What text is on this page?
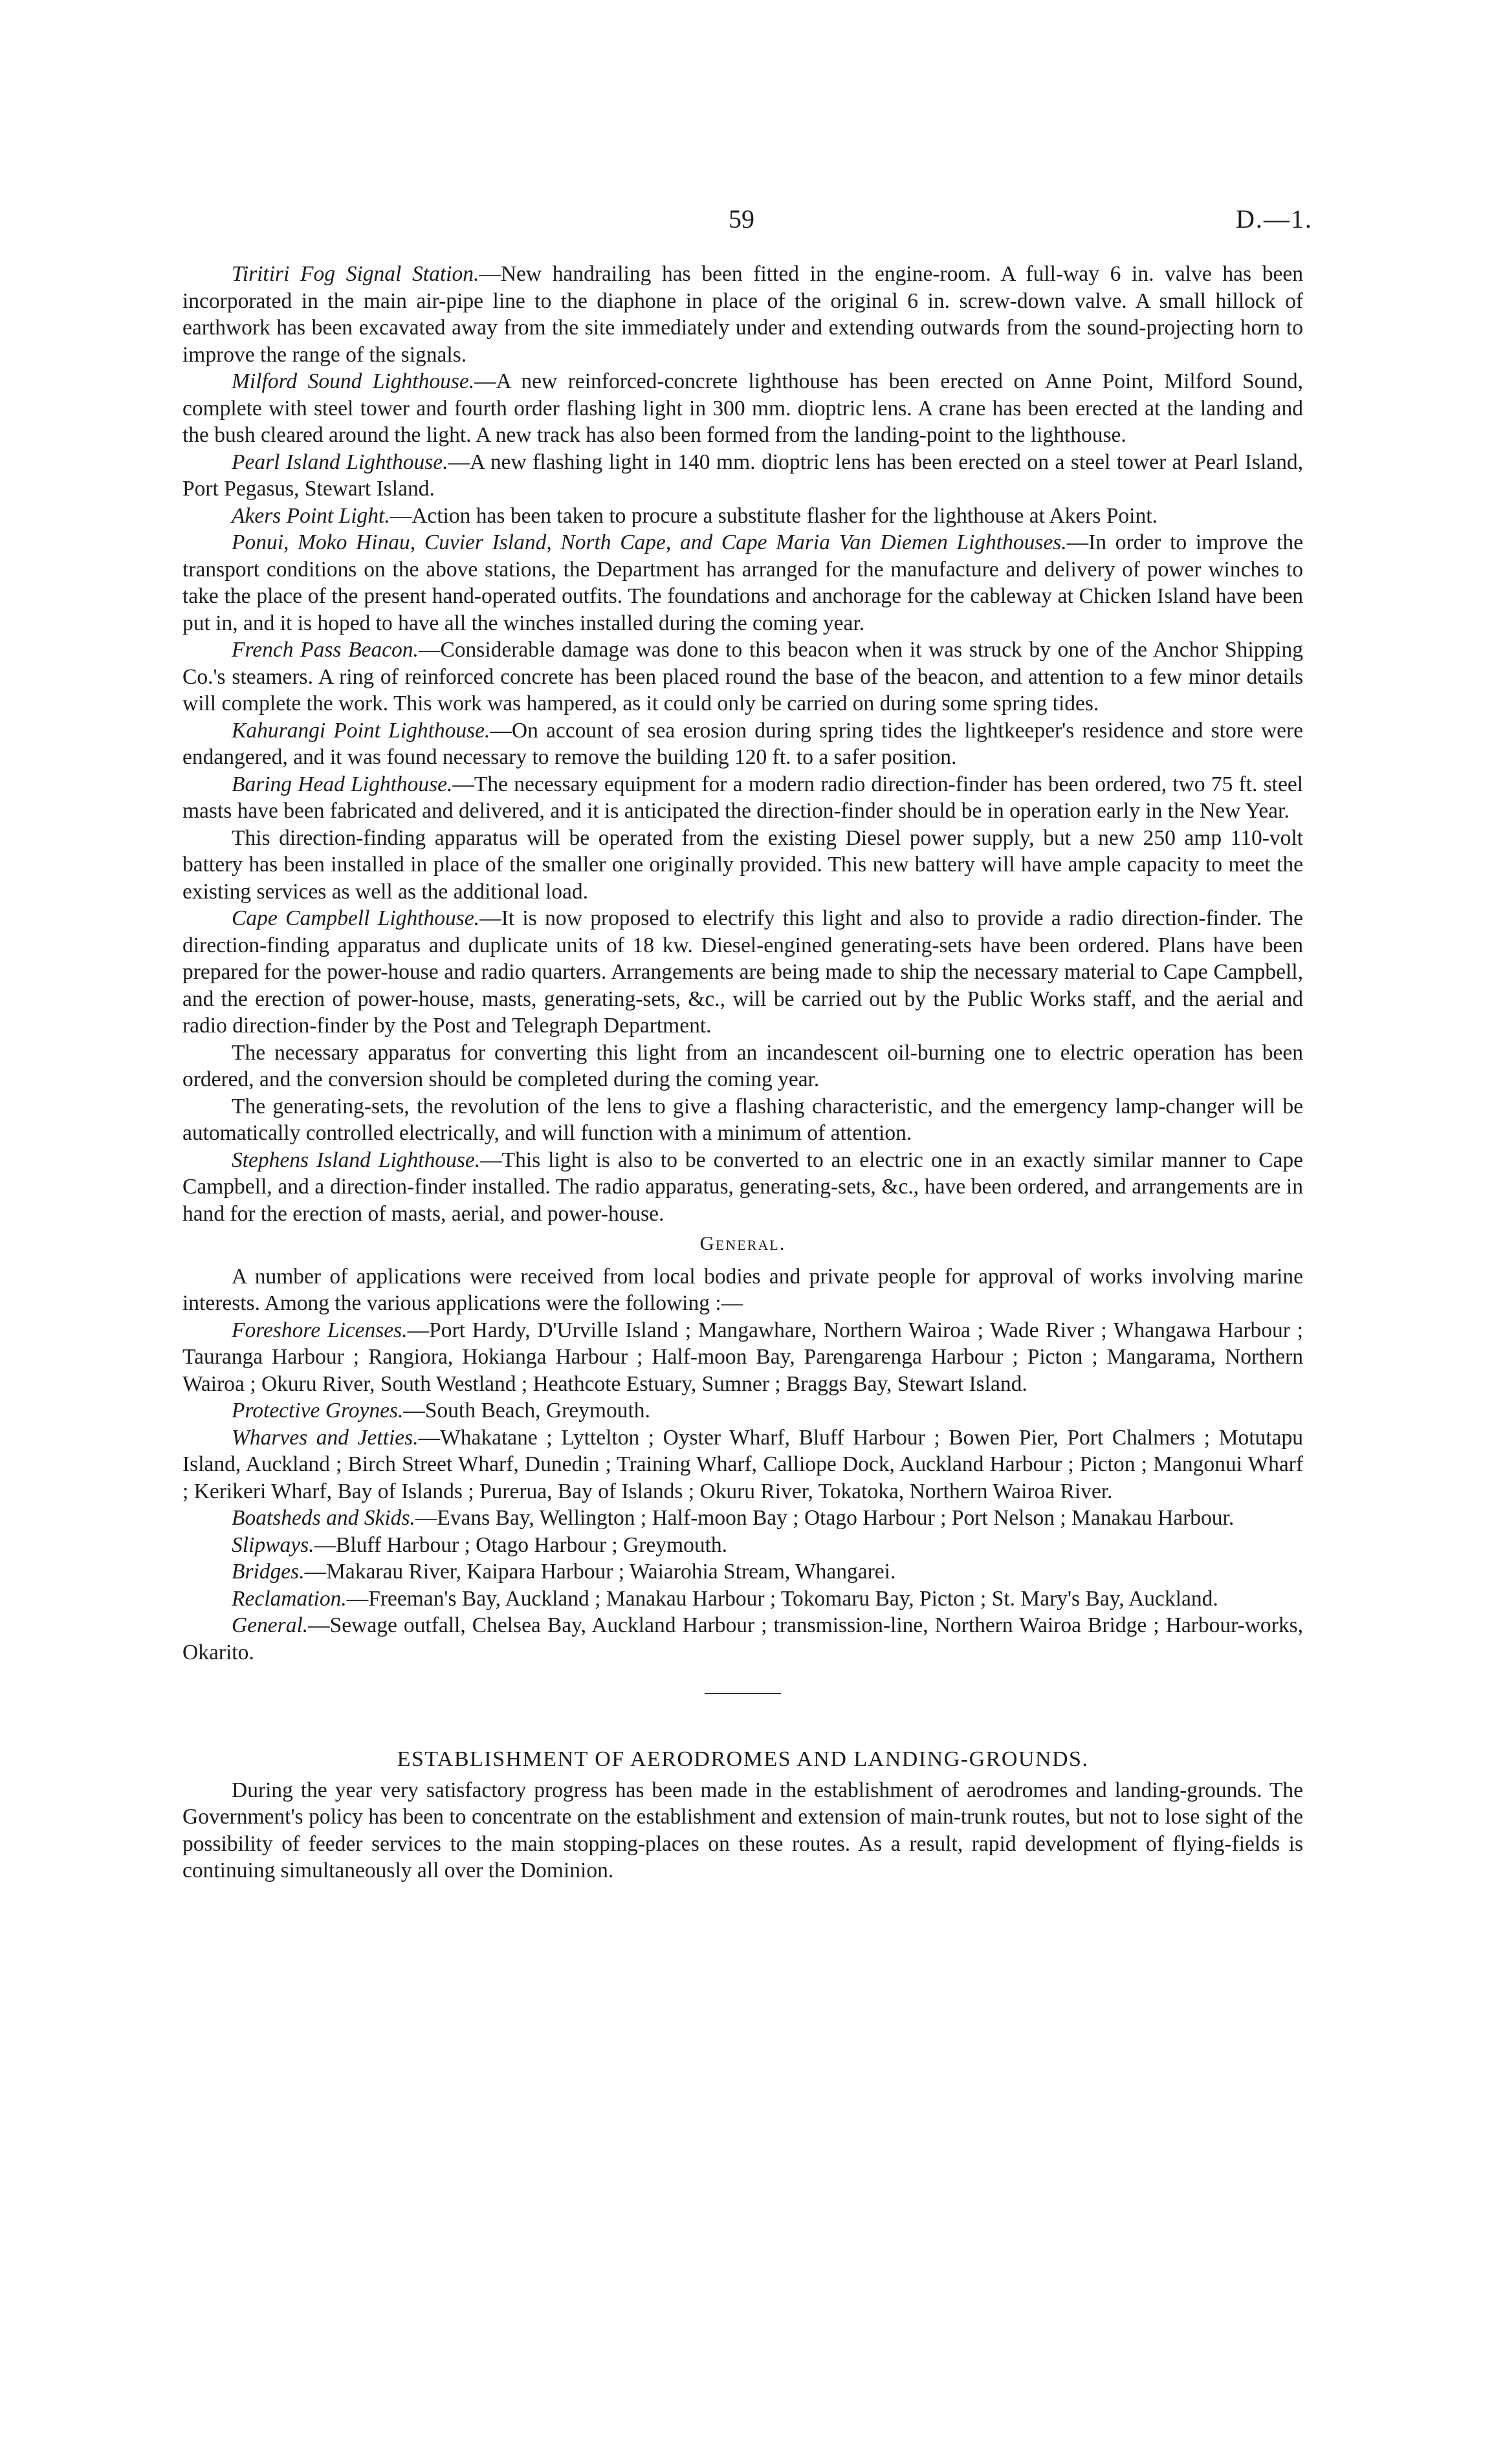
59	D.—1.

Tiritiri Fog Signal Station.—New handrailing has been fitted in the engine-room. A full-way 6 in. valve has been incorporated in the main air-pipe line to the diaphone in place of the original 6 in. screw-down valve. A small hillock of earthwork has been excavated away from the site immediately under and extending outwards from the sound-projecting horn to improve the range of the signals.

Milford Sound Lighthouse.—A new reinforced-concrete lighthouse has been erected on Anne Point, Milford Sound, complete with steel tower and fourth order flashing light in 300 mm. dioptric lens. A crane has been erected at the landing and the bush cleared around the light. A new track has also been formed from the landing-point to the lighthouse.

Pearl Island Lighthouse.—A new flashing light in 140 mm. dioptric lens has been erected on a steel tower at Pearl Island, Port Pegasus, Stewart Island.

Akers Point Light.—Action has been taken to procure a substitute flasher for the lighthouse at Akers Point.

Ponui, Moko Hinau, Cuvier Island, North Cape, and Cape Maria Van Diemen Lighthouses.—In order to improve the transport conditions on the above stations, the Department has arranged for the manufacture and delivery of power winches to take the place of the present hand-operated outfits. The foundations and anchorage for the cableway at Chicken Island have been put in, and it is hoped to have all the winches installed during the coming year.

French Pass Beacon.—Considerable damage was done to this beacon when it was struck by one of the Anchor Shipping Co.'s steamers. A ring of reinforced concrete has been placed round the base of the beacon, and attention to a few minor details will complete the work. This work was hampered, as it could only be carried on during some spring tides.

Kahurangi Point Lighthouse.—On account of sea erosion during spring tides the lightkeeper's residence and store were endangered, and it was found necessary to remove the building 120 ft. to a safer position.

Baring Head Lighthouse.—The necessary equipment for a modern radio direction-finder has been ordered, two 75 ft. steel masts have been fabricated and delivered, and it is anticipated the direction-finder should be in operation early in the New Year.

This direction-finding apparatus will be operated from the existing Diesel power supply, but a new 250 amp 110-volt battery has been installed in place of the smaller one originally provided. This new battery will have ample capacity to meet the existing services as well as the additional load.

Cape Campbell Lighthouse.—It is now proposed to electrify this light and also to provide a radio direction-finder. The direction-finding apparatus and duplicate units of 18 kw. Diesel-engined generating-sets have been ordered. Plans have been prepared for the power-house and radio quarters. Arrangements are being made to ship the necessary material to Cape Campbell, and the erection of power-house, masts, generating-sets, &c., will be carried out by the Public Works staff, and the aerial and radio direction-finder by the Post and Telegraph Department.

The necessary apparatus for converting this light from an incandescent oil-burning one to electric operation has been ordered, and the conversion should be completed during the coming year.

The generating-sets, the revolution of the lens to give a flashing characteristic, and the emergency lamp-changer will be automatically controlled electrically, and will function with a minimum of attention.

Stephens Island Lighthouse.—This light is also to be converted to an electric one in an exactly similar manner to Cape Campbell, and a direction-finder installed. The radio apparatus, generating-sets, &c., have been ordered, and arrangements are in hand for the erection of masts, aerial, and power-house.

General.

A number of applications were received from local bodies and private people for approval of works involving marine interests. Among the various applications were the following :—

Foreshore Licenses.—Port Hardy, D'Urville Island ; Mangawhare, Northern Wairoa ; Wade River ; Whangawa Harbour ; Tauranga Harbour ; Rangiora, Hokianga Harbour ; Half-moon Bay, Parengarenga Harbour ; Picton ; Mangarama, Northern Wairoa ; Okuru River, South Westland ; Heathcote Estuary, Sumner ; Braggs Bay, Stewart Island.

Protective Groynes.—South Beach, Greymouth.

Wharves and Jetties.—Whakatane ; Lyttelton ; Oyster Wharf, Bluff Harbour ; Bowen Pier, Port Chalmers ; Motutapu Island, Auckland ; Birch Street Wharf, Dunedin ; Training Wharf, Calliope Dock, Auckland Harbour ; Picton ; Mangonui Wharf ; Kerikeri Wharf, Bay of Islands ; Purerua, Bay of Islands ; Okuru River, Tokatoka, Northern Wairoa River.

Boatsheds and Skids.—Evans Bay, Wellington ; Half-moon Bay ; Otago Harbour ; Port Nelson ; Manakau Harbour.

Slipways.—Bluff Harbour ; Otago Harbour ; Greymouth.

Bridges.—Makarau River, Kaipara Harbour ; Waiarohia Stream, Whangarei.

Reclamation.—Freeman's Bay, Auckland ; Manakau Harbour ; Tokomaru Bay, Picton ; St. Mary's Bay, Auckland.

General.—Sewage outfall, Chelsea Bay, Auckland Harbour ; transmission-line, Northern Wairoa Bridge ; Harbour-works, Okarito.

ESTABLISHMENT OF AERODROMES AND LANDING-GROUNDS.

During the year very satisfactory progress has been made in the establishment of aerodromes and landing-grounds. The Government's policy has been to concentrate on the establishment and extension of main-trunk routes, but not to lose sight of the possibility of feeder services to the main stopping-places on these routes. As a result, rapid development of flying-fields is continuing simultaneously all over the Dominion.
